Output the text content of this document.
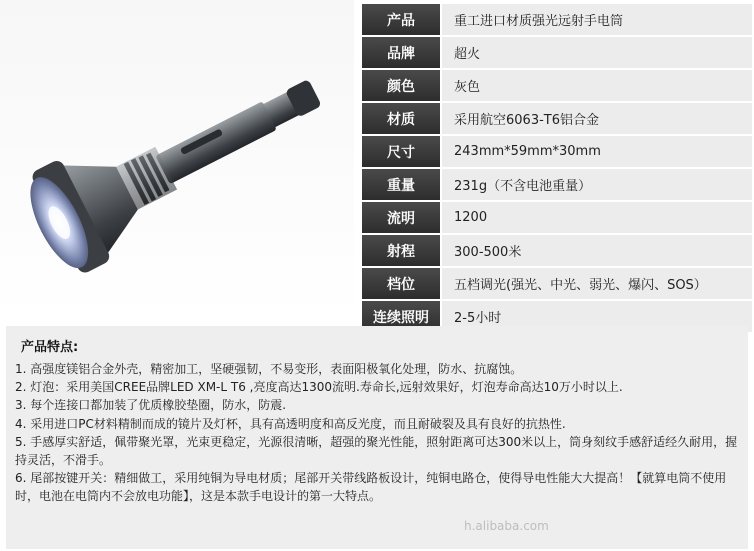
产品	重工进口材质强光远射手电筒
品牌	超火
颜色	灰色
材质	采用航空6063-T6铝合金
尺寸	243mm*59mm*30mm
重量	231g（不含电池重量）
流明	1200
射程	300-500米
档位	五档调光(强光、中光、弱光、爆闪、SOS）
连续照明	2-5小时
产品特点:
1. 高强度镁铝合金外壳，精密加工，坚硬强韧，不易变形，表面阳极氧化处理，防水、抗腐蚀。
2. 灯泡：采用美国CREE品牌LED XM-L T6 ,亮度高达1300流明.寿命长,远射效果好，灯泡寿命高达10万小时以上.
3. 每个连接口都加装了优质橡胶垫圈，防水，防震.
4. 采用进口PC材料精制而成的镜片及灯杯，具有高透明度和高反光度，而且耐破裂及具有良好的抗热性.
5. 手感厚实舒适，佩带聚光罩，光束更稳定，光源很清晰，超强的聚光性能，照射距离可达300米以上，筒身刻纹手感舒适经久耐用，握持灵活，不滑手。
6. 尾部按键开关：精细做工，采用纯铜为导电材质；尾部开关带线路板设计，纯铜电路仓，使得导电性能大大提高！【就算电筒不使用时，电池在电筒内不会放电功能】，这是本款手电设计的第一大特点。
h.alibaba.com
